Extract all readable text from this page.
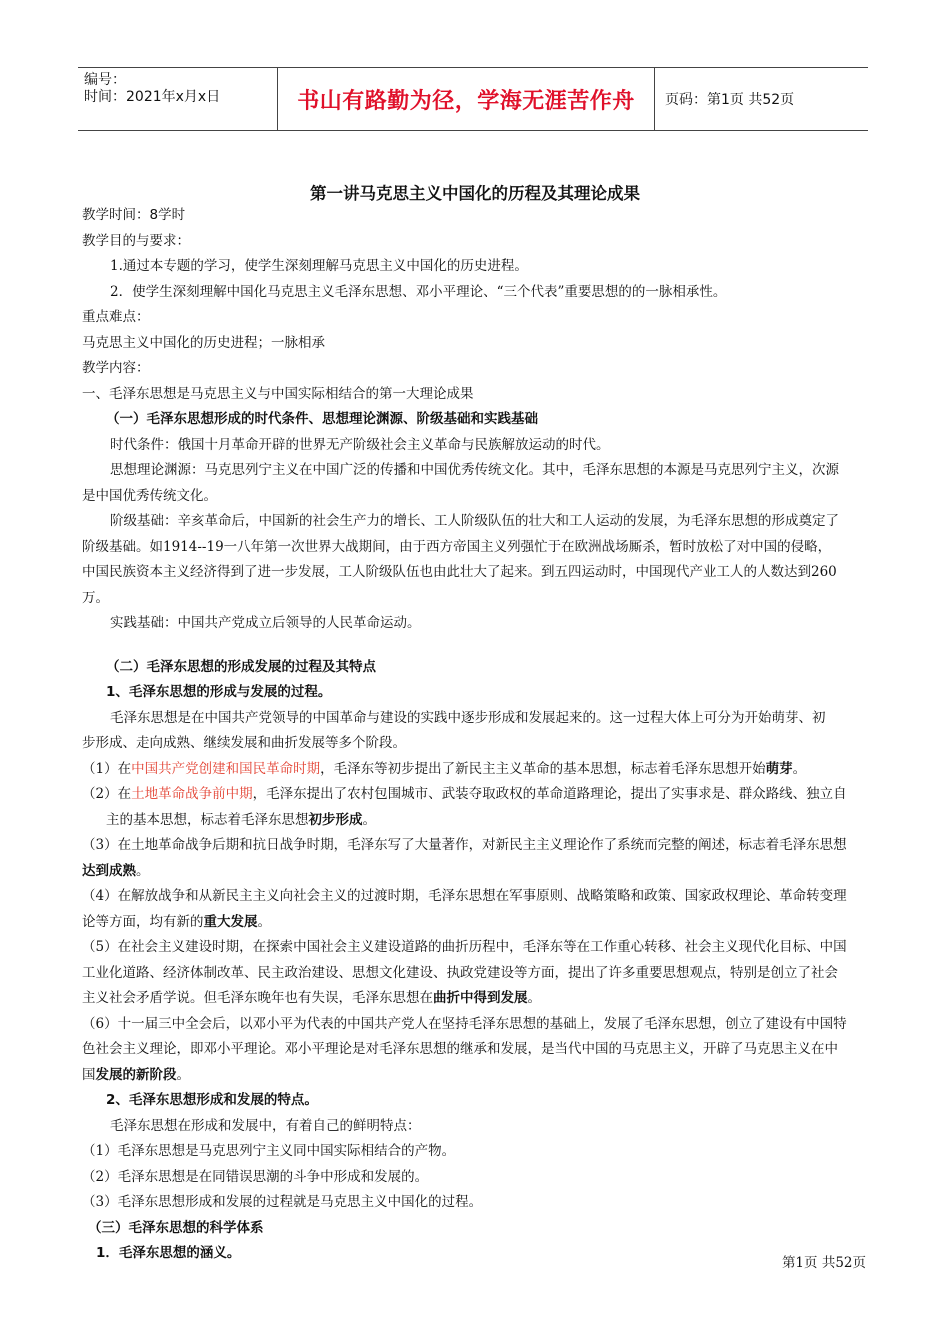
编号：
时间：2021年x月x日	书山有路勤为径，学海无涯苦作舟	页码：第1页 共52页
第一讲马克思主义中国化的历程及其理论成果

教学时间：8学时

教学目的与要求：

1.通过本专题的学习，使学生深刻理解马克思主义中国化的历史进程。

2．使学生深刻理解中国化马克思主义毛泽东思想、邓小平理论、“三个代表”重要思想的的一脉相承性。

重点难点：

马克思主义中国化的历史进程；一脉相承

教学内容：

一、毛泽东思想是马克思主义与中国实际相结合的第一大理论成果

（一）毛泽东思想形成的时代条件、思想理论渊源、阶级基础和实践基础

时代条件：俄国十月革命开辟的世界无产阶级社会主义革命与民族解放运动的时代。

思想理论渊源：马克思列宁主义在中国广泛的传播和中国优秀传统文化。其中，毛泽东思想的本源是马克思列宁主义，次源

是中国优秀传统文化。

阶级基础：辛亥革命后，中国新的社会生产力的增长、工人阶级队伍的壮大和工人运动的发展，为毛泽东思想的形成奠定了

阶级基础。如1914--19一八年第一次世界大战期间，由于西方帝国主义列强忙于在欧洲战场厮杀，暂时放松了对中国的侵略，

中国民族资本主义经济得到了进一步发展，工人阶级队伍也由此壮大了起来。到五四运动时，中国现代产业工人的人数达到260

万。

实践基础：中国共产党成立后领导的人民革命运动。

（二）毛泽东思想的形成发展的过程及其特点

1、毛泽东思想的形成与发展的过程。

毛泽东思想是在中国共产党领导的中国革命与建设的实践中逐步形成和发展起来的。这一过程大体上可分为开始萌芽、初

步形成、走向成熟、继续发展和曲折发展等多个阶段。

（1）在中国共产党创建和国民革命时期，毛泽东等初步提出了新民主主义革命的基本思想，标志着毛泽东思想开始萌芽。

（2）在土地革命战争前中期，毛泽东提出了农村包围城市、武装夺取政权的革命道路理论，提出了实事求是、群众路线、独立自

主的基本思想，标志着毛泽东思想初步形成。

（3）在土地革命战争后期和抗日战争时期，毛泽东写了大量著作，对新民主主义理论作了系统而完整的阐述，标志着毛泽东思想

达到成熟。

（4）在解放战争和从新民主主义向社会主义的过渡时期，毛泽东思想在军事原则、战略策略和政策、国家政权理论、革命转变理

论等方面，均有新的重大发展。

（5）在社会主义建设时期，在探索中国社会主义建设道路的曲折历程中，毛泽东等在工作重心转移、社会主义现代化目标、中国

工业化道路、经济体制改革、民主政治建设、思想文化建设、执政党建设等方面，提出了许多重要思想观点，特别是创立了社会

主义社会矛盾学说。但毛泽东晚年也有失误，毛泽东思想在曲折中得到发展。

（6）十一届三中全会后，以邓小平为代表的中国共产党人在坚持毛泽东思想的基础上，发展了毛泽东思想，创立了建设有中国特

色社会主义理论，即邓小平理论。邓小平理论是对毛泽东思想的继承和发展，是当代中国的马克思主义，开辟了马克思主义在中

国发展的新阶段。

2、毛泽东思想形成和发展的特点。

毛泽东思想在形成和发展中，有着自己的鲜明特点：

（1）毛泽东思想是马克思列宁主义同中国实际相结合的产物。

（2）毛泽东思想是在同错误思潮的斗争中形成和发展的。

（3）毛泽东思想形成和发展的过程就是马克思主义中国化的过程。

（三）毛泽东思想的科学体系

1．毛泽东思想的涵义。

第1页 共52页
